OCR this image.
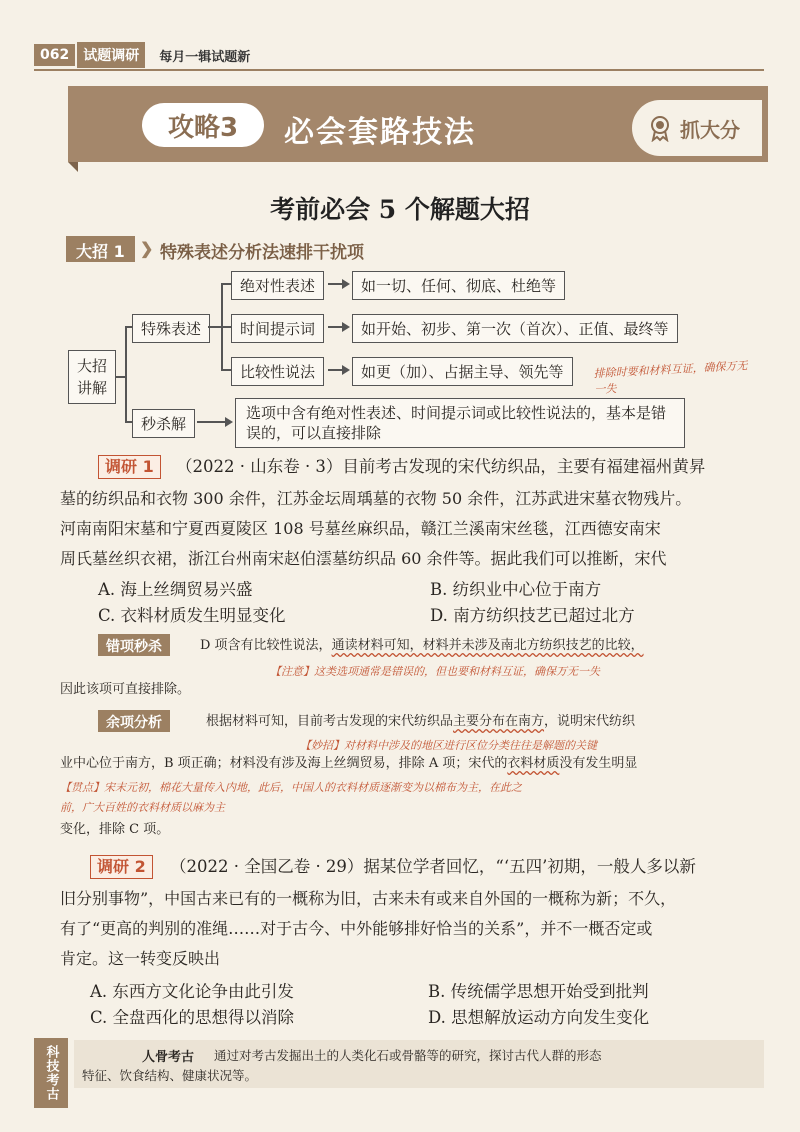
062	试题调研	每月一辑试题新
攻略3	必会套路技法	抓大分
考前必会 5 个解题大招
大招 1 ❯ 特殊表述分析法速排干扰项
大招讲解
特殊表述
秒杀解
绝对性表述
时间提示词
比较性说法
如一切、任何、彻底、杜绝等
如开始、初步、第一次（首次）、正值、最终等
如更（加）、占据主导、领先等
选项中含有绝对性表述、时间提示词或比较性说法的，基本是错误的，可以直接排除
排除时要和材料互证，确保万无一失
调研 1 （2022 · 山东卷 · 3）目前考古发现的宋代纺织品，主要有福建福州黄昇
墓的纺织品和衣物 300 余件，江苏金坛周瑀墓的衣物 50 余件，江苏武进宋墓衣物残片。
河南南阳宋墓和宁夏西夏陵区 108 号墓丝麻织品，赣江兰溪南宋丝毯，江西德安南宋
周氏墓丝织衣裙，浙江台州南宋赵伯澐墓纺织品 60 余件等。据此我们可以推断，宋代
A. 海上丝绸贸易兴盛	B. 纺织业中心位于南方
C. 衣料材质发生明显变化	D. 南方纺织技艺已超过北方
错项秒杀	D 项含有比较性说法，通读材料可知，材料并未涉及南北方纺织技艺的比较，
【注意】这类选项通常是错误的，但也要和材料互证，确保万无一失
因此该项可直接排除。
余项分析	根据材料可知，目前考古发现的宋代纺织品主要分布在南方，说明宋代纺织
【妙招】对材料中涉及的地区进行区位分类往往是解题的关键
业中心位于南方，B 项正确；材料没有涉及海上丝绸贸易，排除 A 项；宋代的衣料材质没有发生明显
【贯点】宋末元初，棉花大量传入内地，此后，中国人的衣料材质逐渐变为以棉布为主，在此之
前，广大百姓的衣料材质以麻为主
变化，排除 C 项。
调研 2 （2022 · 全国乙卷 · 29）据某位学者回忆，“‘五四’初期，一般人多以新
旧分别事物”，中国古来已有的一概称为旧，古来未有或来自外国的一概称为新；不久，
有了“更高的判别的准绳……对于古今、中外能够排好恰当的关系”，并不一概否定或
肯定。这一转变反映出
A. 东西方文化论争由此引发	B. 传统儒学思想开始受到批判
C. 全盘西化的思想得以消除	D. 思想解放运动方向发生变化
科技考古	人骨考古 通过对考古发掘出土的人类化石或骨骼等的研究，探讨古代人群的形态
特征、饮食结构、健康状况等。
